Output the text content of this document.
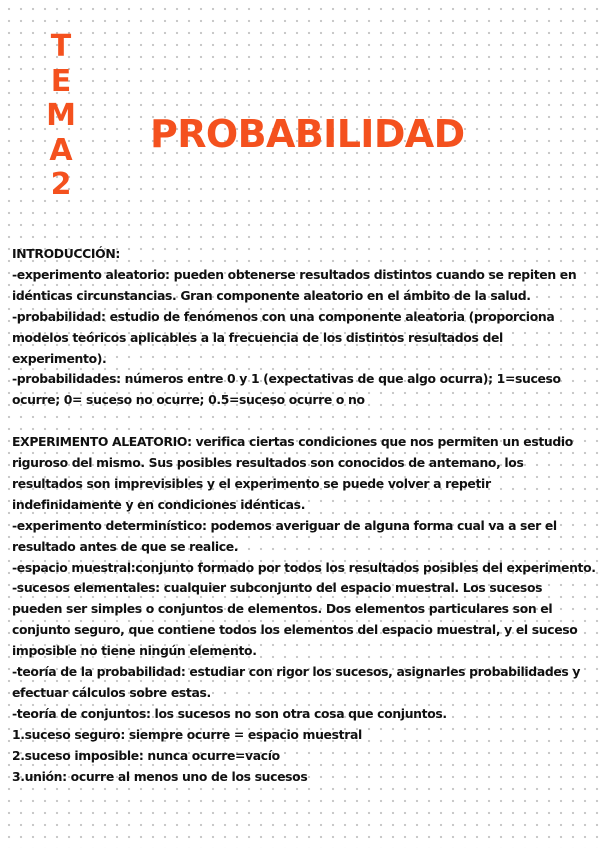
T
E
M
A
2
PROBABILIDAD

INTRODUCCIÓN:

-experimento aleatorio: pueden obtenerse resultados distintos cuando se repiten en idénticas circunstancias. Gran componente aleatorio en el ámbito de la salud.

-probabilidad: estudio de fenómenos con una componente aleatoria (proporciona modelos teóricos aplicables a la frecuencia de los distintos resultados del experimento).

-probabilidades: números entre 0 y 1 (expectativas de que algo ocurra); 1=suceso ocurre; 0= suceso no ocurre; 0.5=suceso ocurre o no

EXPERIMENTO ALEATORIO: verifica ciertas condiciones que nos permiten un estudio riguroso del mismo. Sus posibles resultados son conocidos de antemano, los resultados son imprevisibles y el experimento se puede volver a repetir indefinidamente y en condiciones idénticas.

-experimento determinístico: podemos averiguar de alguna forma cual va a ser el resultado antes de que se realice.

-espacio muestral:conjunto formado por todos los resultados posibles del experimento.

-sucesos elementales: cualquier subconjunto del espacio muestral. Los sucesos pueden ser simples o conjuntos de elementos. Dos elementos particulares son el conjunto seguro, que contiene todos los elementos del espacio muestral, y el suceso imposible no tiene ningún elemento.

-teoría de la probabilidad: estudiar con rigor los sucesos, asignarles probabilidades y efectuar cálculos sobre estas.

-teoría de conjuntos: los sucesos no son otra cosa que conjuntos.

1.suceso seguro: siempre ocurre = espacio muestral

2.suceso imposible: nunca ocurre=vacío

3.unión: ocurre al menos uno de los sucesos
